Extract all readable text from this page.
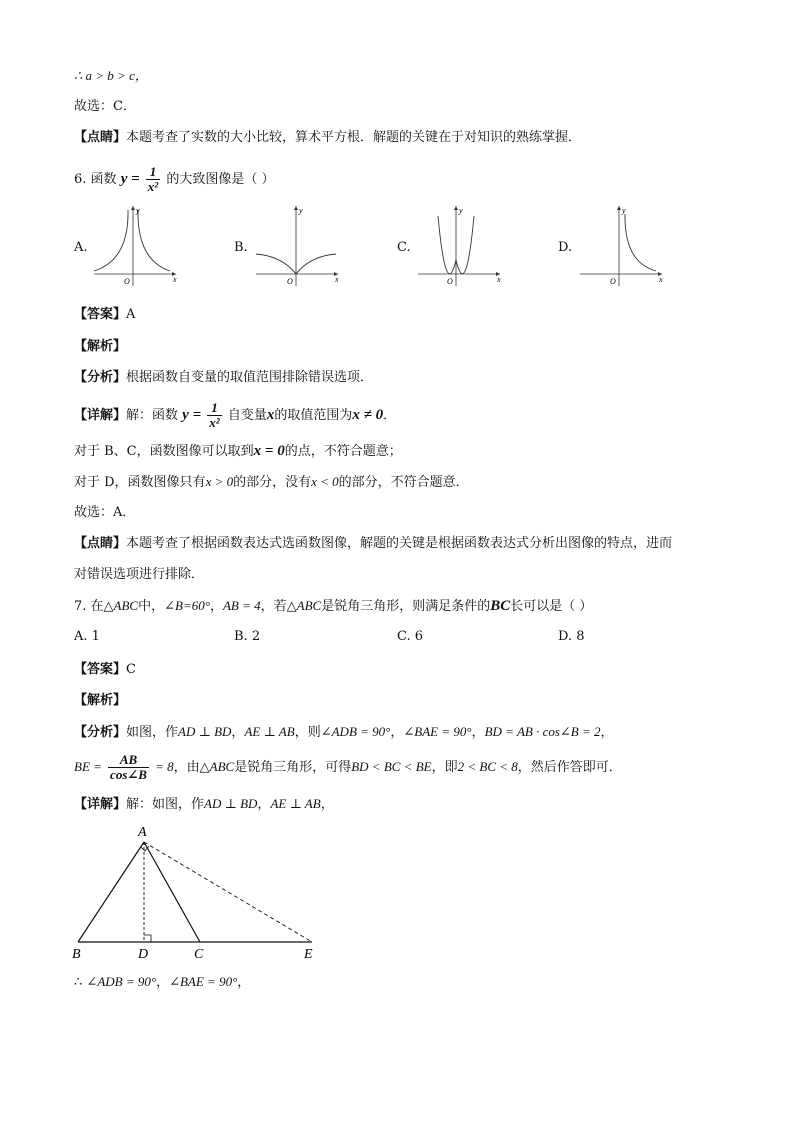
∴ a > b > c，
故选：C．
【点睛】本题考查了实数的大小比较，算术平方根．解题的关键在于对知识的熟练掌握．
6. 函数 $y = \frac{1}{\text{x²}}$ 的大致图像是（ ）
A.
y
x
O
B.
y
x
O
C.
y
x
O
D.
y
x
O
【答案】A
【解析】
【分析】根据函数自变量的取值范围排除错误选项．
【详解】解：函数 $y = \frac{1}{\text{x²}}$ 自变量x的取值范围为x ≠ 0．
对于 B、C，函数图像可以取到x = 0的点，不符合题意；
对于 D，函数图像只有x > 0的部分，没有x < 0的部分，不符合题意．
故选：A．
【点睛】本题考查了根据函数表达式选函数图像，解题的关键是根据函数表达式分析出图像的特点，进而
对错误选项进行排除．
7. 在△ABC中，∠B=60°，AB = 4，若△ABC是锐角三角形，则满足条件的BC长可以是（ ）
A. 1	B. 2	C. 6	D. 8
【答案】C
【解析】
【分析】如图，作AD ⊥ BD，AE ⊥ AB，则∠ADB = 90°，∠BAE = 90°，BD = AB · cos∠B = 2，
BE = $\frac{AB}{\cos\angle B} = 8$，由△ABC是锐角三角形，可得BD < BC < BE，即2 < BC < 8，然后作答即可．
【详解】解：如图，作AD ⊥ BD，AE ⊥ AB，
A
B	D	C	E
∴ ∠ADB = 90°，∠BAE = 90°，
